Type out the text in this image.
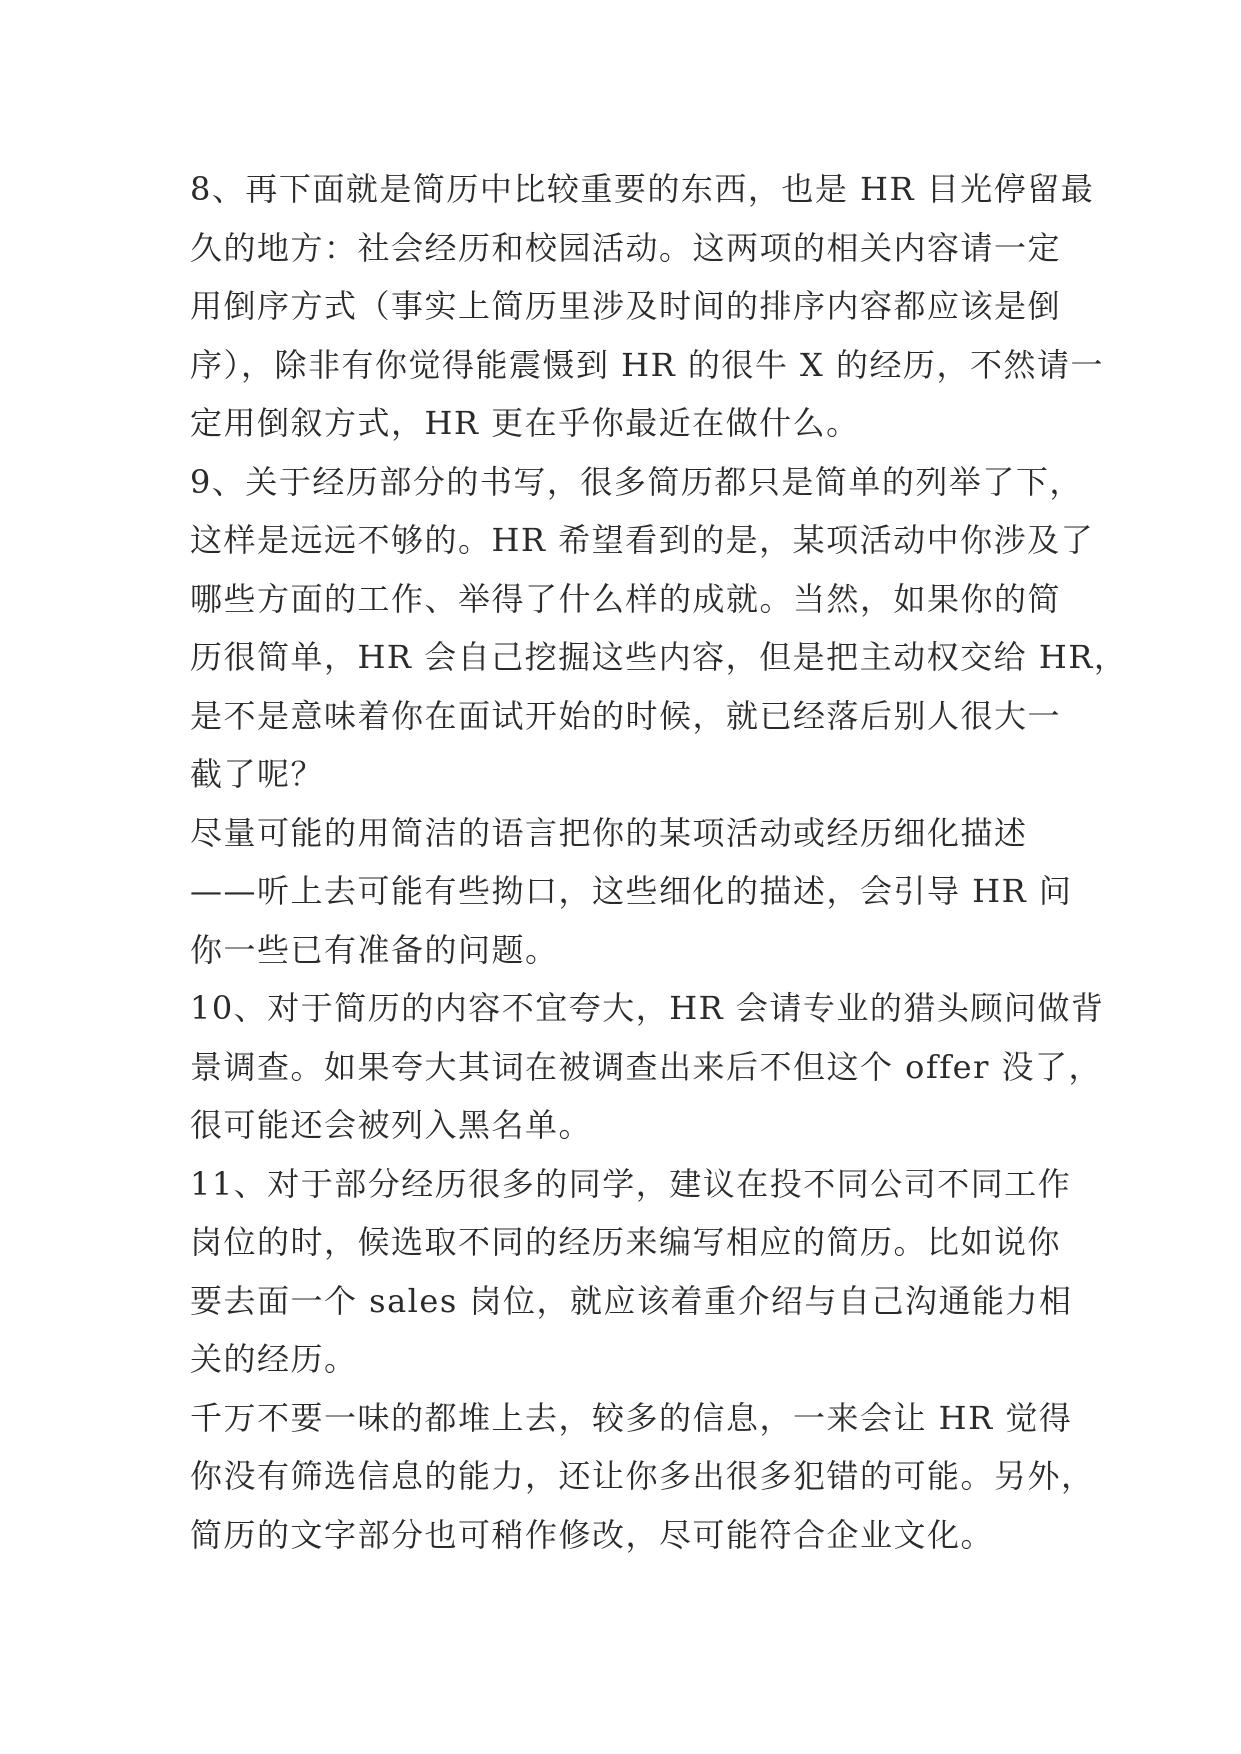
8、再下面就是简历中比较重要的东西，也是 HR 目光停留最
久的地方：社会经历和校园活动。这两项的相关内容请一定
用倒序方式（事实上简历里涉及时间的排序内容都应该是倒
序），除非有你觉得能震慑到 HR 的很牛 X 的经历，不然请一
定用倒叙方式，HR 更在乎你最近在做什么。
9、关于经历部分的书写，很多简历都只是简单的列举了下，
这样是远远不够的。HR 希望看到的是，某项活动中你涉及了
哪些方面的工作、举得了什么样的成就。当然，如果你的简
历很简单，HR 会自己挖掘这些内容，但是把主动权交给 HR，
是不是意味着你在面试开始的时候，就已经落后别人很大一
截了呢？
尽量可能的用简洁的语言把你的某项活动或经历细化描述
——听上去可能有些拗口，这些细化的描述，会引导 HR 问
你一些已有准备的问题。
10、对于简历的内容不宜夸大，HR 会请专业的猎头顾问做背
景调查。如果夸大其词在被调查出来后不但这个 offer 没了，
很可能还会被列入黑名单。
11、对于部分经历很多的同学，建议在投不同公司不同工作
岗位的时，候选取不同的经历来编写相应的简历。比如说你
要去面一个 sales 岗位，就应该着重介绍与自己沟通能力相
关的经历。
千万不要一味的都堆上去，较多的信息，一来会让 HR 觉得
你没有筛选信息的能力，还让你多出很多犯错的可能。另外，
简历的文字部分也可稍作修改，尽可能符合企业文化。
